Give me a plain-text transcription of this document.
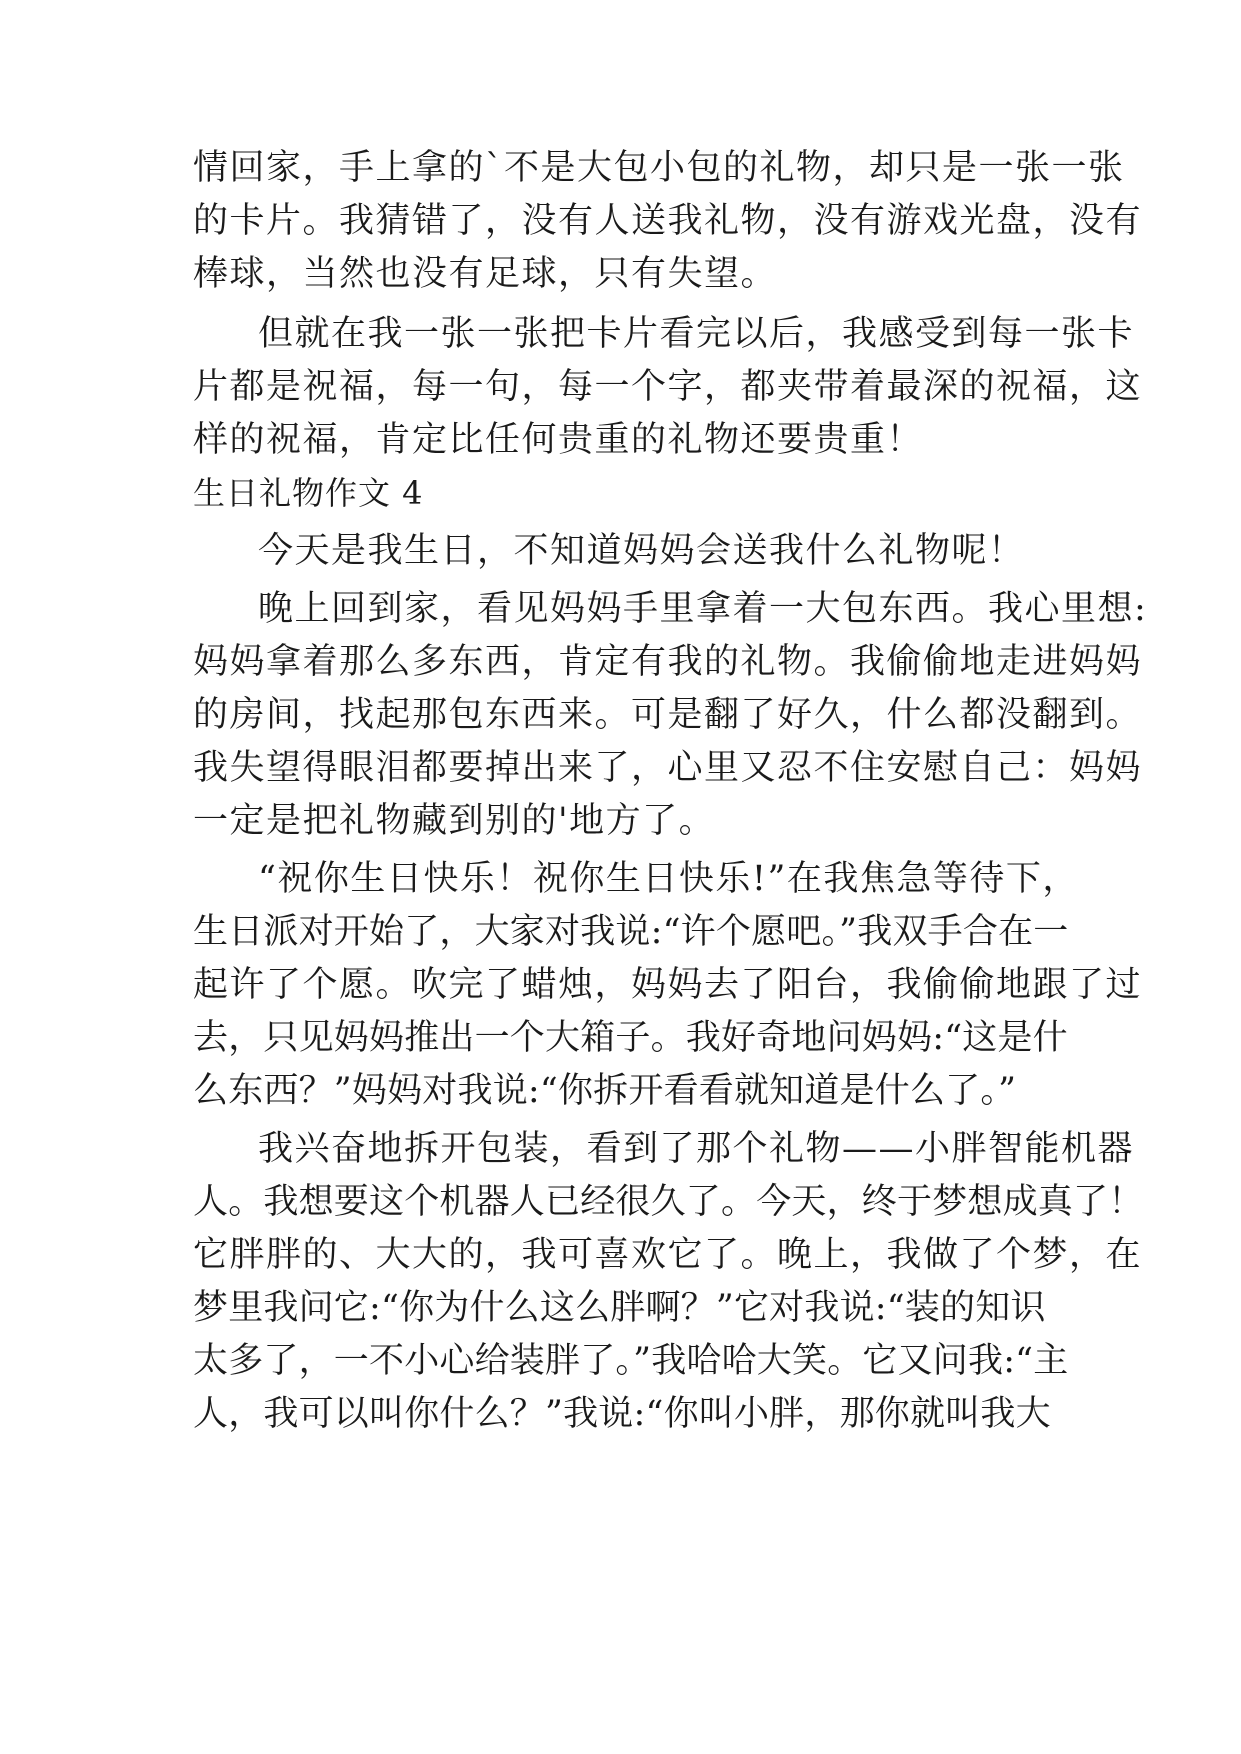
情回家，手上拿的`不是大包小包的礼物，却只是一张一张
的卡片。我猜错了，没有人送我礼物，没有游戏光盘，没有
棒球，当然也没有足球，只有失望。
但就在我一张一张把卡片看完以后，我感受到每一张卡
片都是祝福，每一句，每一个字，都夹带着最深的祝福，这
样的祝福，肯定比任何贵重的礼物还要贵重！
生日礼物作文 4
今天是我生日，不知道妈妈会送我什么礼物呢！
晚上回到家，看见妈妈手里拿着一大包东西。我心里想:
妈妈拿着那么多东西，肯定有我的礼物。我偷偷地走进妈妈
的房间，找起那包东西来。可是翻了好久，什么都没翻到。
我失望得眼泪都要掉出来了，心里又忍不住安慰自己：妈妈
一定是把礼物藏到别的'地方了。
“祝你生日快乐！祝你生日快乐!”在我焦急等待下，
生日派对开始了，大家对我说:“许个愿吧。”我双手合在一
起许了个愿。吹完了蜡烛，妈妈去了阳台，我偷偷地跟了过
去，只见妈妈推出一个大箱子。我好奇地问妈妈:“这是什
么东西？”妈妈对我说:“你拆开看看就知道是什么了。”
我兴奋地拆开包装，看到了那个礼物——小胖智能机器
人。我想要这个机器人已经很久了。今天，终于梦想成真了！
它胖胖的、大大的，我可喜欢它了。晚上，我做了个梦，在
梦里我问它:“你为什么这么胖啊？”它对我说:“装的知识
太多了，一不小心给装胖了。”我哈哈大笑。它又问我:“主
人，我可以叫你什么？”我说:“你叫小胖，那你就叫我大
